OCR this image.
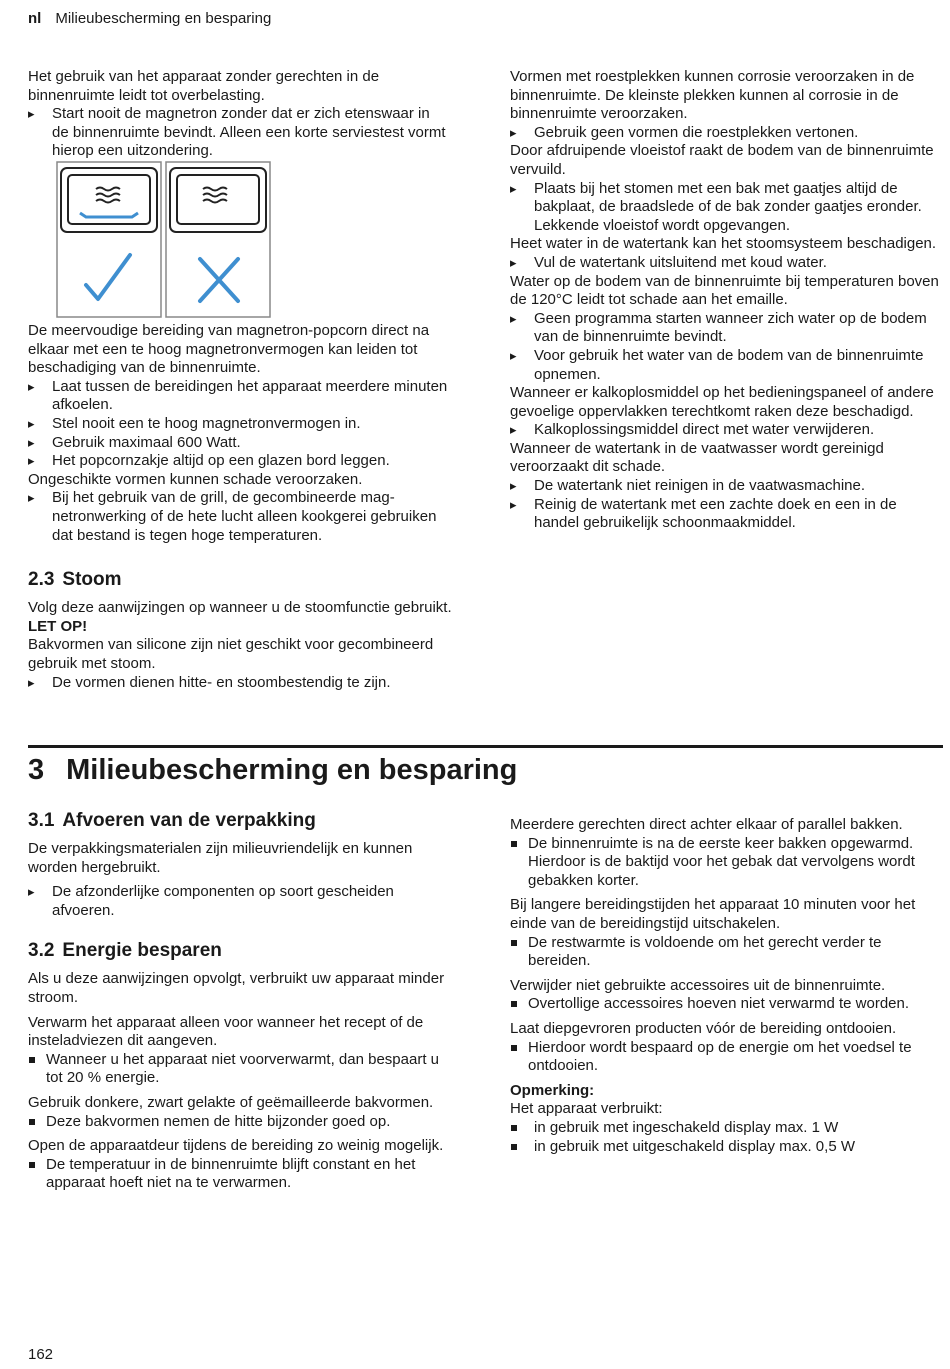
nl Milieubescherming en besparing

Het gebruik van het apparaat zonder gerechten in de binnenruimte leidt tot overbelasting.

▸ Start nooit de magnetron zonder dat er zich etenswaar in de binnenruimte bevindt. Alleen een korte serviestest vormt hierop een uitzondering.

De meervoudige bereiding van magnetron-popcorn direct na elkaar met een te hoog magnetronvermogen kan leiden tot beschadiging van de binnenruimte.

▸ Laat tussen de bereidingen het apparaat meerdere minuten afkoelen.

▸ Stel nooit een te hoog magnetronvermogen in.

▸ Gebruik maximaal 600 Watt.

▸ Het popcornzakje altijd op een glazen bord leggen.

Ongeschikte vormen kunnen schade veroorzaken.

▸ Bij het gebruik van de grill, de gecombineerde magnetronwerking of de hete lucht alleen kookgerei gebruiken dat bestand is tegen hoge temperaturen.

2.3 Stoom

Volg deze aanwijzingen op wanneer u de stoomfunctie gebruikt.

LET OP!

Bakvormen van silicone zijn niet geschikt voor gecombineerd gebruik met stoom.

▸ De vormen dienen hitte- en stoombestendig te zijn.

Vormen met roestplekken kunnen corrosie veroorzaken in de binnenruimte. De kleinste plekken kunnen al corrosie in de binnenruimte veroorzaken.

▸ Gebruik geen vormen die roestplekken vertonen.

Door afdruipende vloeistof raakt de bodem van de binnenruimte vervuild.

▸ Plaats bij het stomen met een bak met gaatjes altijd de bakplaat, de braadslede of de bak zonder gaatjes eronder. Lekkende vloeistof wordt opgevangen.

Heet water in de watertank kan het stoomsysteem beschadigen.

▸ Vul de watertank uitsluitend met koud water.

Water op de bodem van de binnenruimte bij temperaturen boven de 120°C leidt tot schade aan het emaille.

▸ Geen programma starten wanneer zich water op de bodem van de binnenruimte bevindt.

▸ Voor gebruik het water van de bodem van de binnenruimte opnemen.

Wanneer er kalkoplosmiddel op het bedieningspaneel of andere gevoelige oppervlakken terechtkomt raken deze beschadigd.

▸ Kalkoplossingsmiddel direct met water verwijderen.

Wanneer de watertank in de vaatwasser wordt gereinigd veroorzaakt dit schade.

▸ De watertank niet reinigen in de vaatwasmachine.

▸ Reinig de watertank met een zachte doek en een in de handel gebruikelijk schoonmaakmiddel.

3 Milieubescherming en besparing
3.1 Afvoeren van de verpakking

De verpakkingsmaterialen zijn milieuvriendelijk en kunnen worden hergebruikt.

▸ De afzonderlijke componenten op soort gescheiden afvoeren.

3.2 Energie besparen

Als u deze aanwijzingen opvolgt, verbruikt uw apparaat minder stroom.

Verwarm het apparaat alleen voor wanneer het recept of de insteladviezen dit aangeven.

Wanneer u het apparaat niet voorverwarmt, dan bespaart u tot 20 % energie.

Gebruik donkere, zwart gelakte of geëmailleerde bakvormen.

Deze bakvormen nemen de hitte bijzonder goed op.

Open de apparaatdeur tijdens de bereiding zo weinig mogelijk.

De temperatuur in de binnenruimte blijft constant en het apparaat hoeft niet na te verwarmen.

Meerdere gerechten direct achter elkaar of parallel bakken.

De binnenruimte is na de eerste keer bakken opgewarmd. Hierdoor is de baktijd voor het gebak dat vervolgens wordt gebakken korter.

Bij langere bereidingstijden het apparaat 10 minuten voor het einde van de bereidingstijd uitschakelen.

De restwarmte is voldoende om het gerecht verder te bereiden.

Verwijder niet gebruikte accessoires uit de binnenruimte.

Overtollige accessoires hoeven niet verwarmd te worden.

Laat diepgevroren producten vóór de bereiding ontdooien.

Hierdoor wordt bespaard op de energie om het voedsel te ontdooien.

Opmerking:

Het apparaat verbruikt:

in gebruik met ingeschakeld display max. 1 W

in gebruik met uitgeschakeld display max. 0,5 W

162
